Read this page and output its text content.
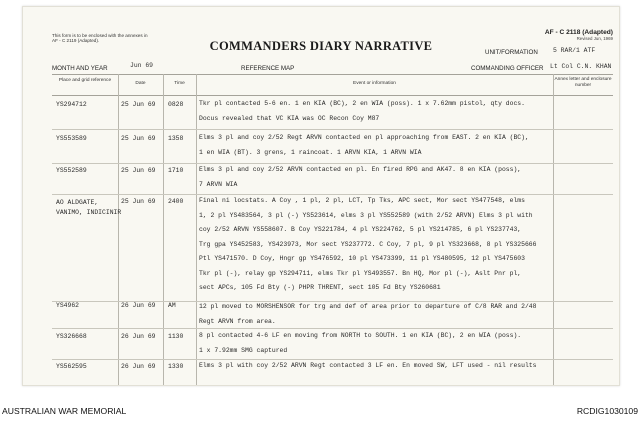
This form is to be enclosed with the annexes in AF - C 2119 (Adapted).
AF - C 2118 (Adapted)
Revised Jun, 1969
COMMANDERS DIARY NARRATIVE	UNIT/FORMATION 5 RAR/1 ATF
MONTH AND YEAR	Jun 69	REFERENCE MAP	COMMANDING OFFICER Lt Col C.N. KHAN
Place and grid reference
Date	Time	Event or information
Annex letter and enclosure number
YS294712	25 Jun 69 0828 Tkr pl contacted 5-6 en. 1 en KIA (BC), 2 en WIA (poss). 1 x 7.62mm pistol, qty docs.
Docus revealed that VC KIA was OC Recon Coy M87
YS553589	25 Jun 69 1358 Elms 3 pl and coy 2/52 Regt ARVN contacted en pl approaching from EAST. 2 en KIA (BC),
1 en WIA (BT). 3 grens, 1 raincoat. 1 ARVN KIA, 1 ARVN WIA
YS552589	25 Jun 69 1710 Elms 3 pl and coy 2/52 ARVN contacted en pl. En fired RPG and AK47. 8 en KIA (poss),
7 ARVN WIA
AO ALDGATE,
VANIMO, INDICINIR
25 Jun 69 2400 Final ni locstats. A Coy , 1 pl, 2 pl, LCT, Tp Tks, APC sect, Mor sect YS477548, elms
1, 2 pl YS483564, 3 pl (-) YS523614, elms 3 pl YS552589 (with 2/52 ARVN) Elms 3 pl with
coy 2/52 ARVN YS558607. B Coy YS221784, 4 pl YS224762, 5 pl YS214785, 6 pl YS237743,
Trg gpa YS452583, YS423973, Mor sect YS237772. C Coy, 7 pl, 9 pl YS323668, 8 pl YS325666
Ptl YS471570. D Coy, Hngr gp YS476592, 10 pl YS473399, 11 pl YS480595, 12 pl YS475603
Tkr pl (-), relay gp YS294711, elms Tkr pl YS493557. Bn HQ, Mor pl (-), Aslt Pnr pl,
sect APCs, 105 Fd Bty (-) PHPR THRENT, sect 105 Fd Bty YS260681
YS4962	26 Jun 69 AM	12 pl moved to MORSHENSOR for trg and def of area prior to departure of C/8 RAR and 2/48
Regt ARVN from area.
YS326668	26 Jun 69 1130 8 pl contacted 4-6 LF en moving from NORTH to SOUTH. 1 en KIA (BC), 2 en WIA (poss).
1 x 7.92mm SMG captured
YS562595	26 Jun 69 1330 Elms 3 pl with coy 2/52 ARVN Regt contacted 3 LF en. En moved SW, LFT used - nil results
AUSTRALIAN WAR MEMORIAL	RCDIG1030109
